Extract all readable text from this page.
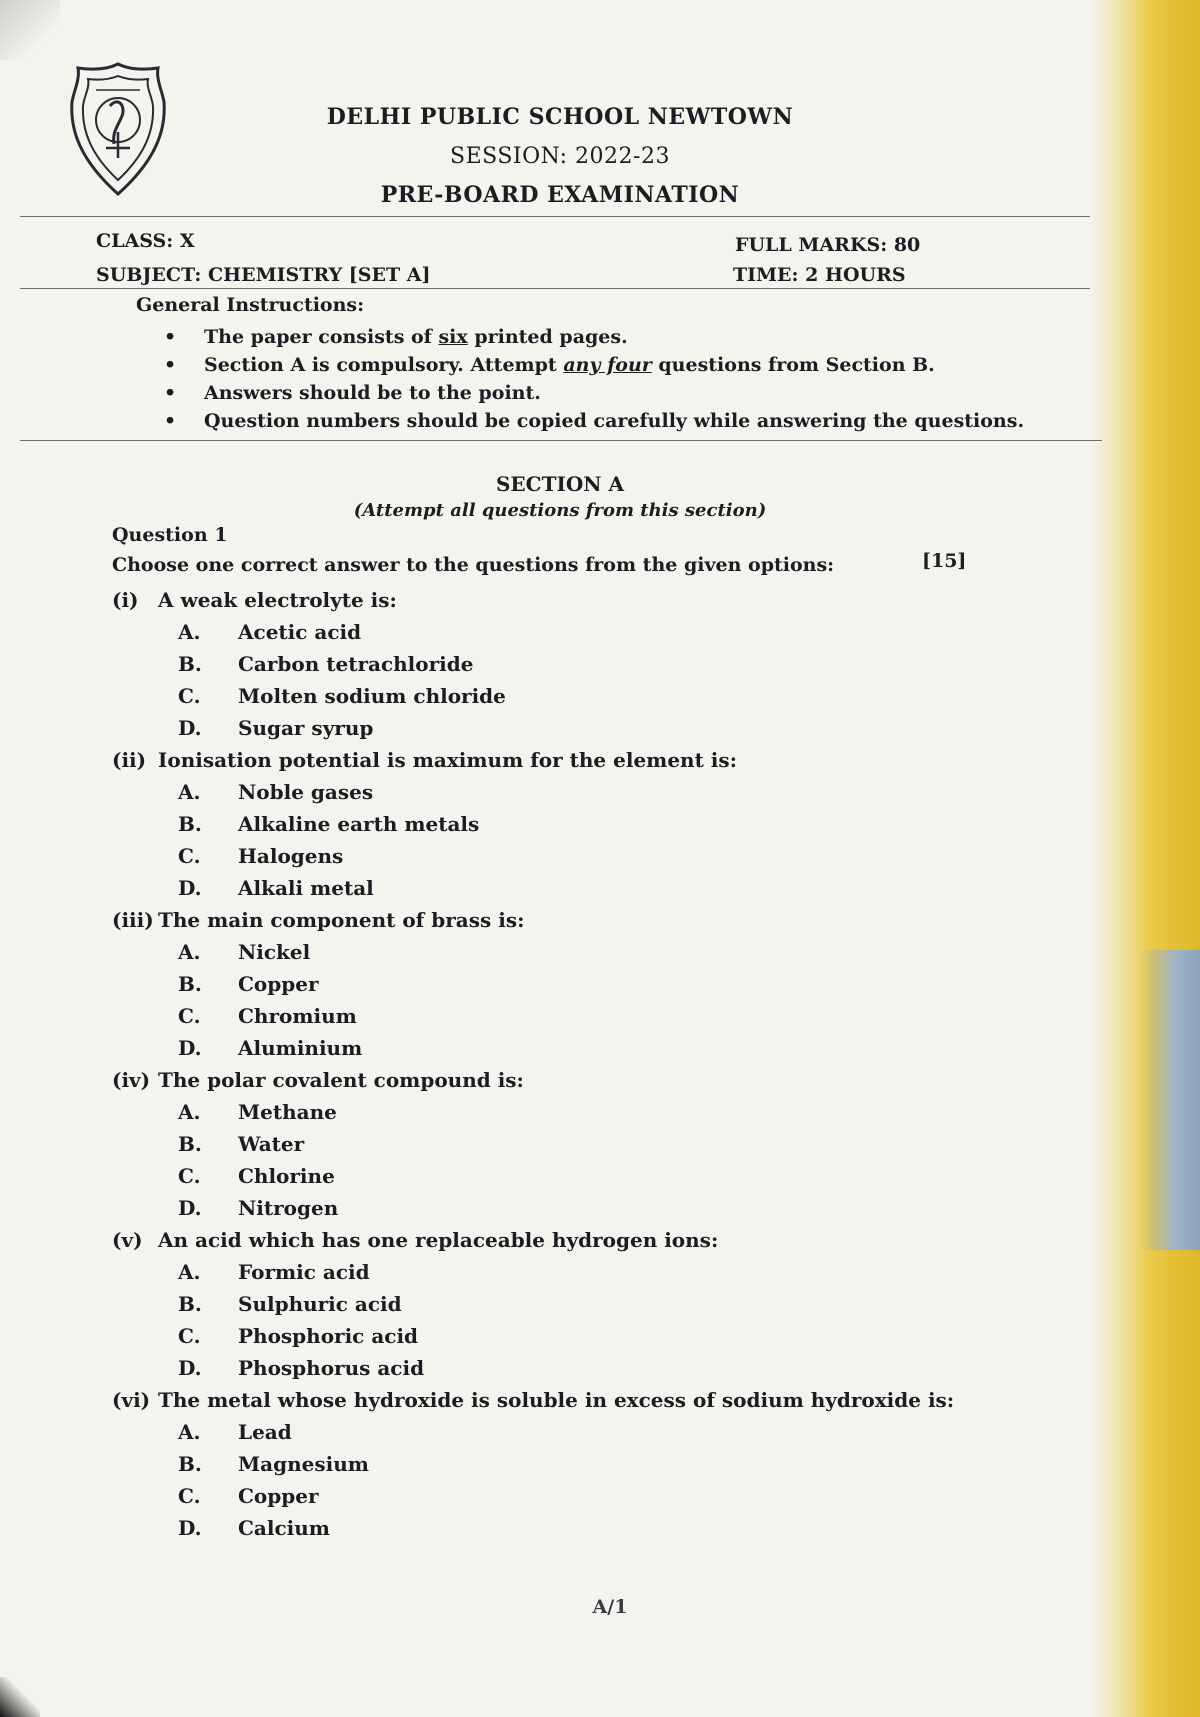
DELHI PUBLIC SCHOOL NEWTOWN
SESSION: 2022-23
PRE-BOARD EXAMINATION
CLASS: X
SUBJECT: CHEMISTRY [SET A]
FULL MARKS: 80
TIME: 2 HOURS
General Instructions:
• The paper consists of six printed pages.
• Section A is compulsory. Attempt any four questions from Section B.
• Answers should be to the point.
• Question numbers should be copied carefully while answering the questions.
SECTION A
(Attempt all questions from this section)
Question 1
Choose one correct answer to the questions from the given options:	[15]
(i) A weak electrolyte is:
A.	Acetic acid
B.	Carbon tetrachloride
C.	Molten sodium chloride
D.	Sugar syrup
(ii) Ionisation potential is maximum for the element is:
A.	Noble gases
B.	Alkaline earth metals
C.	Halogens
D.	Alkali metal
(iii) The main component of brass is:
A.	Nickel
B.	Copper
C.	Chromium
D.	Aluminium
(iv) The polar covalent compound is:
A.	Methane
B.	Water
C.	Chlorine
D.	Nitrogen
(v) An acid which has one replaceable hydrogen ions:
A.	Formic acid
B.	Sulphuric acid
C.	Phosphoric acid
D.	Phosphorus acid
(vi) The metal whose hydroxide is soluble in excess of sodium hydroxide is:
A.	Lead
B.	Magnesium
C.	Copper
D.	Calcium
A/1
